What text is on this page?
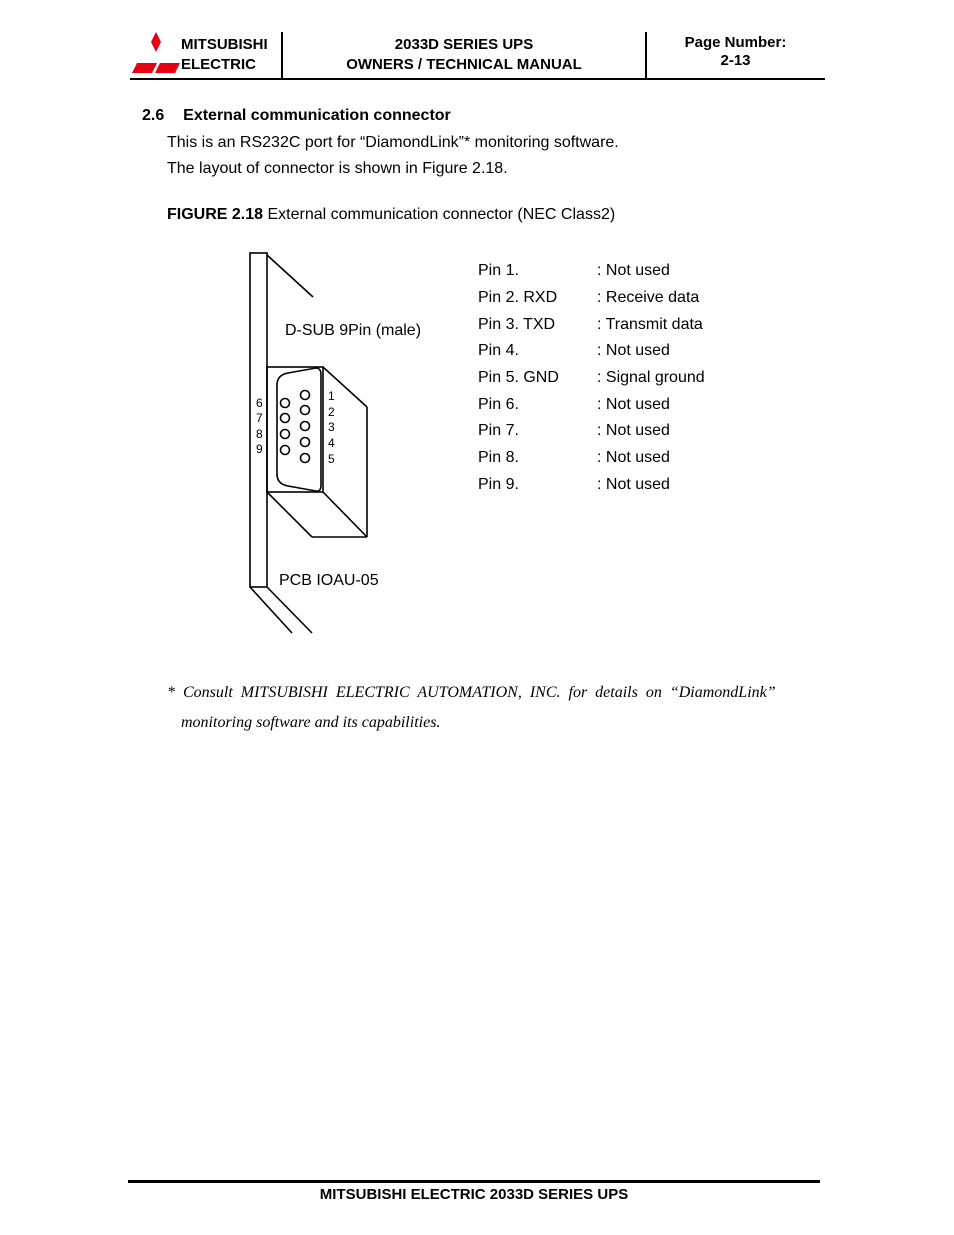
MITSUBISHI
ELECTRIC
2033D SERIES UPS
OWNERS / TECHNICAL MANUAL
Page Number:
2-13
2.6 External communication connector
This is an RS232C port for “DiamondLink”* monitoring software.
The layout of connector is shown in Figure 2.18.
FIGURE 2.18 External communication connector (NEC Class2)
D-SUB 9Pin (male)
PCB IOAU-05
6
7
8
9
1
2
3
4
5
Pin 1.	: Not used
Pin 2. RXD : Receive data
Pin 3. TXD	: Transmit data
Pin 4.	: Not used
Pin 5. GND : Signal ground
Pin 6.	: Not used
Pin 7.	: Not used
Pin 8.	: Not used
Pin 9.	: Not used
*  Consult  MITSUBISHI  ELECTRIC  AUTOMATION,  INC.  for  details  on  “DiamondLink”
monitoring software and its capabilities.
MITSUBISHI ELECTRIC 2033D SERIES UPS
